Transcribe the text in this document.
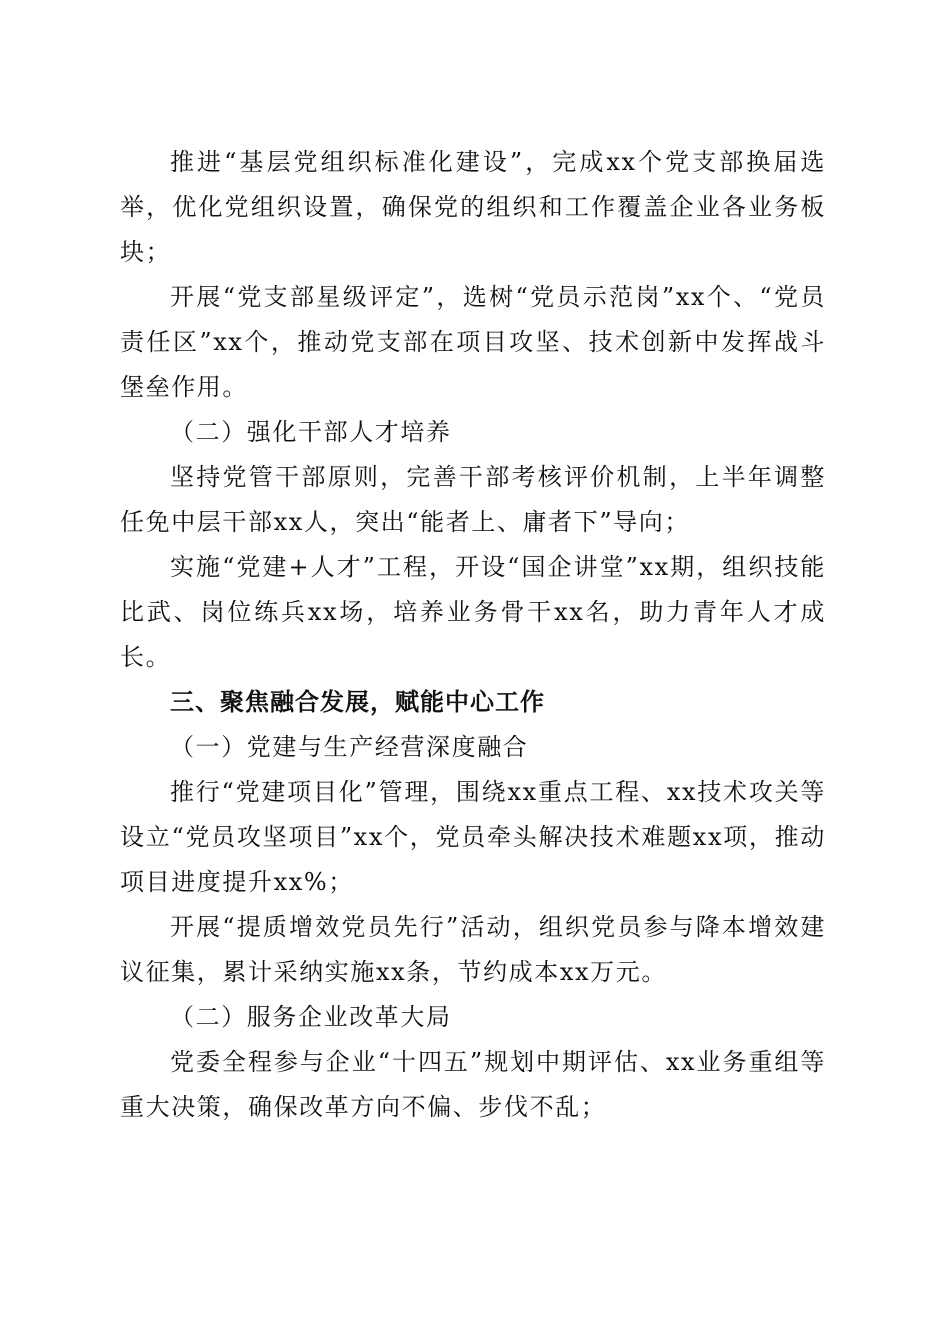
推进“基层党组织标准化建设”，完成xx个党支部换届选举，优化党组织设置，确保党的组织和工作覆盖企业各业务板块；

开展“党支部星级评定”，选树“党员示范岗”xx个、“党员责任区”xx个，推动党支部在项目攻坚、技术创新中发挥战斗堡垒作用。

（二）强化干部人才培养

坚持党管干部原则，完善干部考核评价机制，上半年调整任免中层干部xx人，突出“能者上、庸者下”导向；

实施“党建+人才”工程，开设“国企讲堂”xx期，组织技能比武、岗位练兵xx场，培养业务骨干xx名，助力青年人才成长。

三、聚焦融合发展，赋能中心工作

（一）党建与生产经营深度融合

推行“党建项目化”管理，围绕xx重点工程、xx技术攻关等设立“党员攻坚项目”xx个，党员牵头解决技术难题xx项，推动项目进度提升xx%；

开展“提质增效党员先行”活动，组织党员参与降本增效建议征集，累计采纳实施xx条，节约成本xx万元。

（二）服务企业改革大局

党委全程参与企业“十四五”规划中期评估、xx业务重组等重大决策，确保改革方向不偏、步伐不乱；
